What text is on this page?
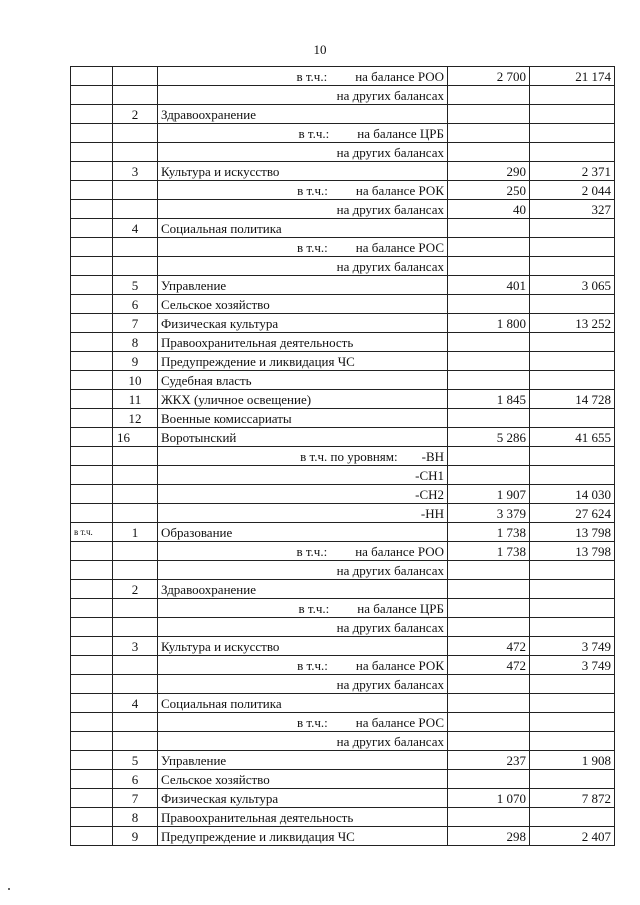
10
		в т.ч.: на балансе РОО	2 700	21 174
		на других балансах		
	2	Здравоохранение		
		в т.ч.: на балансе ЦРБ		
		на других балансах		
	3	Культура и искусство	290	2 371
		в т.ч.: на балансе РОК	250	2 044
		на других балансах	40	327
	4	Социальная политика		
		в т.ч.: на балансе РОС		
		на других балансах		
	5	Управление	401	3 065
	6	Сельское хозяйство		
	7	Физическая культура	1 800	13 252
	8	Правоохранительная деятельность		
	9	Предупреждение и ликвидация ЧС		
	10	Судебная власть		
	11	ЖКХ (уличное освещение)	1 845	14 728
	12	Военные комиссариаты		
	16	Воротынский	5 286	41 655
		в т.ч. по уровням: -ВН		
		-СН1		
		-СН2	1 907	14 030
		-НН	3 379	27 624
в т.ч.	1	Образование	1 738	13 798
		в т.ч.: на балансе РОО	1 738	13 798
		на других балансах		
	2	Здравоохранение		
		в т.ч.: на балансе ЦРБ		
		на других балансах		
	3	Культура и искусство	472	3 749
		в т.ч.: на балансе РОК	472	3 749
		на других балансах		
	4	Социальная политика		
		в т.ч.: на балансе РОС		
		на других балансах		
	5	Управление	237	1 908
	6	Сельское хозяйство		
	7	Физическая культура	1 070	7 872
	8	Правоохранительная деятельность		
	9	Предупреждение и ликвидация ЧС	298	2 407
